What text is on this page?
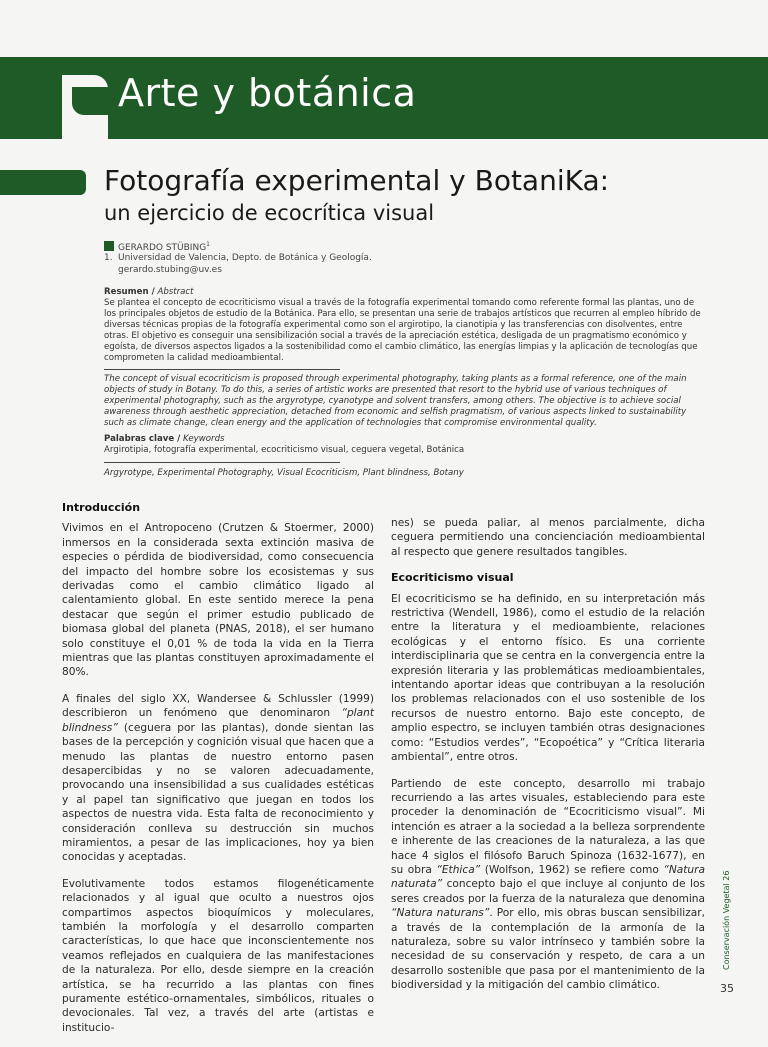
Arte y botánica
Fotografía experimental y BotaniKa:
un ejercicio de ecocrítica visual
GERARDO STÜBING$^1$
1. Universidad de Valencia, Depto. de Botánica y Geología.
gerardo.stubing@uv.es
Resumen / Abstract
Se plantea el concepto de ecocriticismo visual a través de la fotografía experimental tomando como referente formal las plantas, uno de los principales objetos de estudio de la Botánica. Para ello, se presentan una serie de trabajos artísticos que recurren al empleo híbrido de diversas técnicas propias de la fotografía experimental como son el argirotipo, la cianotipia y las transferencias con disolventes, entre otras. El objetivo es conseguir una sensibilización social a través de la apreciación estética, desligada de un pragmatismo económico y egoísta, de diversos aspectos ligados a la sostenibilidad como el cambio climático, las energías limpias y la aplicación de tecnologías que comprometen la calidad medioambiental.
The concept of visual ecocriticism is proposed through experimental photography, taking plants as a formal reference, one of the main objects of study in Botany. To do this, a series of artistic works are presented that resort to the hybrid use of various techniques of experimental photography, such as the argyrotype, cyanotype and solvent transfers, among others. The objective is to achieve social awareness through aesthetic appreciation, detached from economic and selfish pragmatism, of various aspects linked to sustainability such as climate change, clean energy and the application of technologies that compromise environmental quality.
Palabras clave / Keywords
Argirotipia, fotografía experimental, ecocriticismo visual, ceguera vegetal, Botánica
Argyrotype, Experimental Photography, Visual Ecocriticism, Plant blindness, Botany
Introducción

Vivimos en el Antropoceno (Crutzen & Stoermer, 2000) inmersos en la considerada sexta extinción masiva de especies o pérdida de biodiversidad, como consecuencia del impacto del hombre sobre los ecosistemas y sus derivadas como el cambio climático ligado al calentamiento global. En este sentido merece la pena destacar que según el primer estudio publicado de biomasa global del planeta (PNAS, 2018), el ser humano solo constituye el 0,01 % de toda la vida en la Tierra mientras que las plantas constituyen aproximadamente el 80%.

A finales del siglo XX, Wandersee & Schlussler (1999) describieron un fenómeno que denominaron “plant blindness” (ceguera por las plantas), donde sientan las bases de la percepción y cognición visual que hacen que a menudo las plantas de nuestro entorno pasen desapercibidas y no se valoren adecuadamente, provocando una insensibilidad a sus cualidades estéticas y al papel tan significativo que juegan en todos los aspectos de nuestra vida. Esta falta de reconocimiento y consideración conlleva su destrucción sin muchos miramientos, a pesar de las implicaciones, hoy ya bien conocidas y aceptadas.

Evolutivamente todos estamos filogenéticamente relacionados y al igual que oculto a nuestros ojos compartimos aspectos bioquímicos y moleculares, también la morfología y el desarrollo comparten características, lo que hace que inconscientemente nos veamos reflejados en cualquiera de las manifestaciones de la naturaleza. Por ello, desde siempre en la creación artística, se ha recurrido a las plantas con fines puramente estético-ornamentales, simbólicos, rituales o devocionales. Tal vez, a través del arte (artistas e institucio-

nes) se pueda paliar, al menos parcialmente, dicha ceguera permitiendo una concienciación medioambiental al respecto que genere resultados tangibles.

Ecocriticismo visual

El ecocriticismo se ha definido, en su interpretación más restrictiva (Wendell, 1986), como el estudio de la relación entre la literatura y el medioambiente, relaciones ecológicas y el entorno físico. Es una corriente interdisciplinaria que se centra en la convergencia entre la expresión literaria y las problemáticas medioambientales, intentando aportar ideas que contribuyan a la resolución los problemas relacionados con el uso sostenible de los recursos de nuestro entorno. Bajo este concepto, de amplio espectro, se incluyen también otras designaciones como: “Estudios verdes”, “Ecopoética” y “Crítica literaria ambiental”, entre otros.

Partiendo de este concepto, desarrollo mi trabajo recurriendo a las artes visuales, estableciendo para este proceder la denominación de “Ecocriticismo visual”. Mi intención es atraer a la sociedad a la belleza sorprendente e inherente de las creaciones de la naturaleza, a las que hace 4 siglos el filósofo Baruch Spinoza (1632-1677), en su obra “Ethica” (Wolfson, 1962) se refiere como “Natura naturata” concepto bajo el que incluye al conjunto de los seres creados por la fuerza de la naturaleza que denomina “Natura naturans”. Por ello, mis obras buscan sensibilizar, a través de la contemplación de la armonía de la naturaleza, sobre su valor intrínseco y también sobre la necesidad de su conservación y respeto, de cara a un desarrollo sostenible que pasa por el mantenimiento de la biodiversidad y la mitigación del cambio climático.

Conservación Vegetal 26
35
